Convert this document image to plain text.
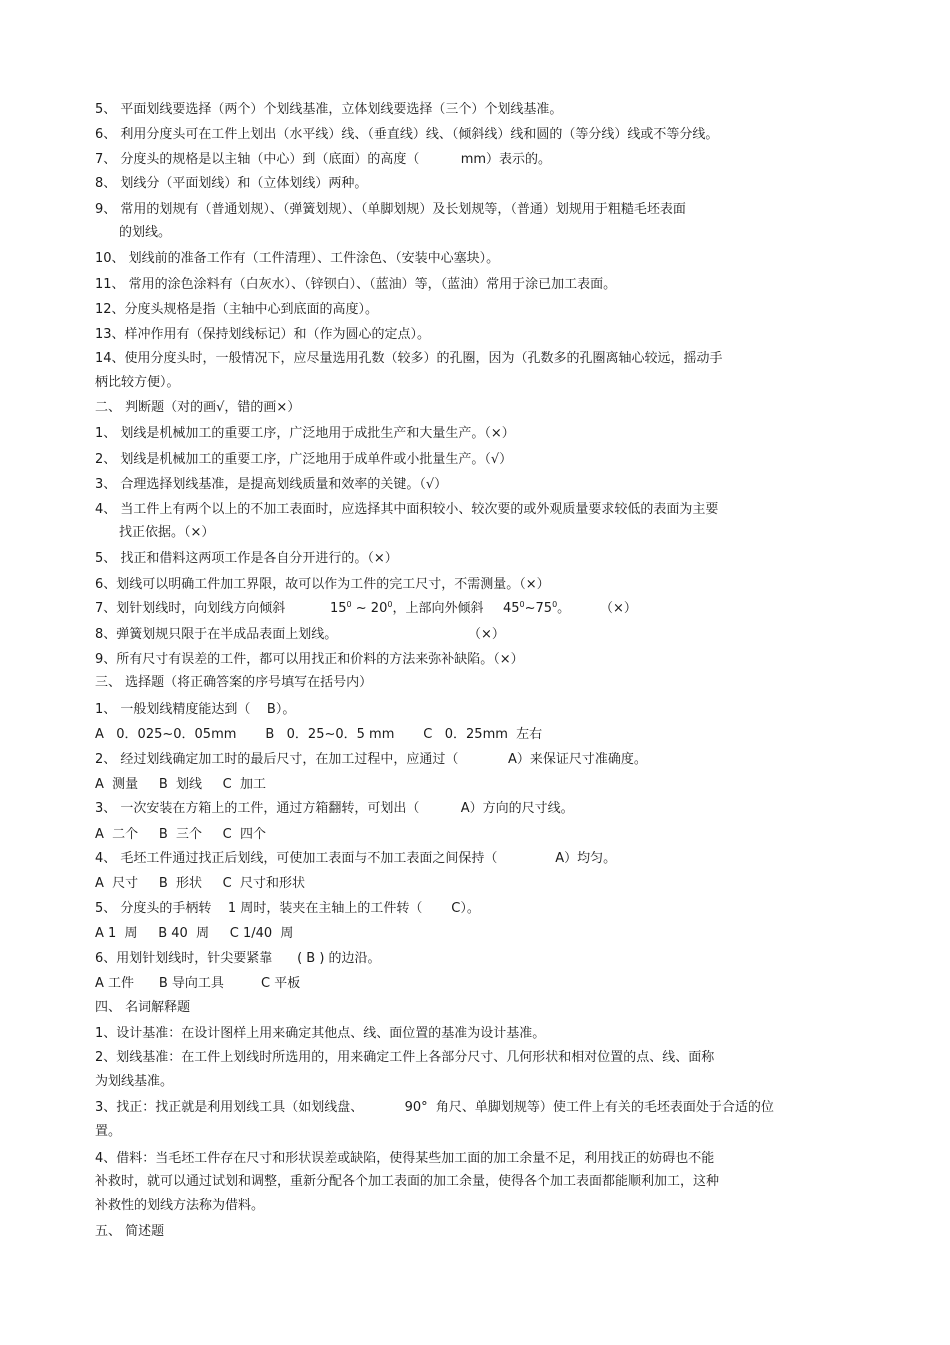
5、 平面划线要选择（两个）个划线基准，立体划线要选择（三个）个划线基准。
6、 利用分度头可在工件上划出（水平线）线、（垂直线）线、（倾斜线）线和圆的（等分线）线或不等分线。
7、 分度头的规格是以主轴（中心）到（底面）的高度（          mm）表示的。
8、 划线分（平面划线）和（立体划线）两种。
9、 常用的划规有（普通划规）、（弹簧划规）、（单脚划规）及长划规等，（普通）划规用于粗糙毛坯表面
的划线。
10、 划线前的准备工作有（工件清理）、工件涂色、（安装中心塞块）。
11、 常用的涂色涂料有（白灰水）、（锌钡白）、（蓝油）等，（蓝油）常用于涂已加工表面。
12、分度头规格是指（主轴中心到底面的高度）。
13、样冲作用有（保持划线标记）和（作为圆心的定点）。
14、使用分度头时，一般情况下，应尽量选用孔数（较多）的孔圈，因为（孔数多的孔圈离轴心较远，摇动手
柄比较方便）。
二、 判断题（对的画√，错的画×）
1、 划线是机械加工的重要工序，广泛地用于成批生产和大量生产。（×）
2、 划线是机械加工的重要工序，广泛地用于成单件或小批量生产。（√）
3、 合理选择划线基准，是提高划线质量和效率的关键。（√）
4、 当工件上有两个以上的不加工表面时，应选择其中面积较小、较次要的或外观质量要求较低的表面为主要
找正依据。（×）
5、 找正和借料这两项工作是各自分开进行的。（×）
6、划线可以明确工件加工界限，故可以作为工件的完工尺寸，不需测量。（×）
7、划针划线时，向划线方向倾斜	$15^0$ ~ $20^0$，上部向外倾斜 $45^0\sim 75^0$。 （×）
8、弹簧划规只限于在半成品表面上划线。	（×）
9、所有尺寸有误差的工件，都可以用找正和价料的方法来弥补缺陷。（×）
三、 选择题（将正确答案的序号填写在括号内）
1、 一般划线精度能达到（    B）。
A   0．025~0．05mm       B   0．25~0．5 mm       C   0．25mm  左右
2、 经过划线确定加工时的最后尺寸，在加工过程中，应通过（            A）来保证尺寸准确度。
A  测量     B  划线     C  加工
3、 一次安装在方箱上的工件，通过方箱翻转，可划出（          A）方向的尺寸线。
A  二个     B  三个     C  四个
4、 毛坯工件通过找正后划线，可使加工表面与不加工表面之间保持（              A）均匀。
A  尺寸     B  形状     C  尺寸和形状
5、 分度头的手柄转    1 周时，装夹在主轴上的工件转（       C）。
A 1  周     B 40  周     C 1/40  周
6、用划针划线时，针尖要紧靠      ( B ) 的边沿。
A 工件      B 导向工具         C 平板
四、 名词解释题
1、设计基准：在设计图样上用来确定其他点、线、面位置的基准为设计基准。
2、划线基准：在工件上划线时所选用的，用来确定工件上各部分尺寸、几何形状和相对位置的点、线、面称
为划线基准。
3、找正：找正就是利用划线工具（如划线盘、          90°  角尺、单脚划规等）使工件上有关的毛坯表面处于合适的位
置。
4、借料：当毛坯工件存在尺寸和形状误差或缺陷，使得某些加工面的加工余量不足，利用找正的妨碍也不能
补救时，就可以通过试划和调整，重新分配各个加工表面的加工余量，使得各个加工表面都能顺利加工，这种
补救性的划线方法称为借料。
五、 简述题
